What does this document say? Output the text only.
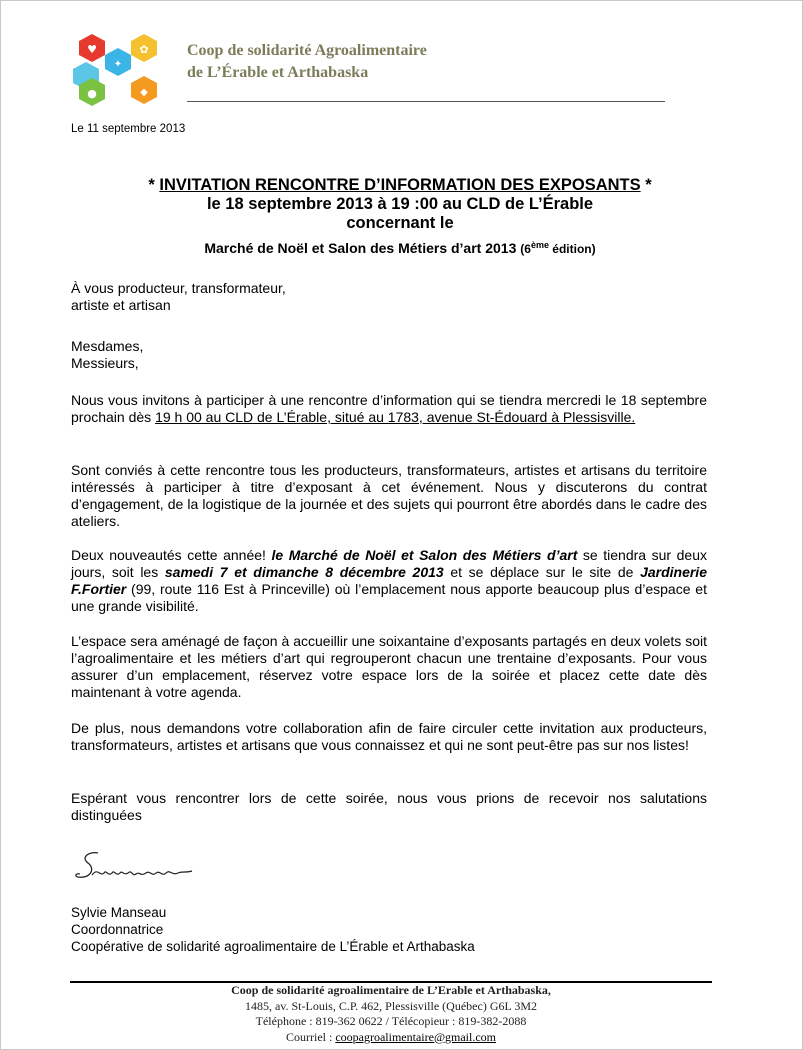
♥	✿
✦
●	◆
Coop de solidarité Agroalimentaire
de L’Érable et Arthabaska
Le 11 septembre 2013
* INVITATION RENCONTRE D’INFORMATION DES EXPOSANTS *
le 18 septembre 2013 à 19 :00 au CLD de L’Érable
concernant le
Marché de Noël et Salon des Métiers d’art 2013 (6ème édition)

À vous producteur, transformateur,

artiste et artisan

Mesdames,

Messieurs,

Nous vous invitons à participer à une rencontre d’information qui se tiendra mercredi le 18 septembre prochain dès 19 h 00 au CLD de L’Érable, situé au 1783, avenue St-Édouard à Plessisville.

Sont conviés à cette rencontre tous les producteurs, transformateurs, artistes et artisans du territoire intéressés à participer à titre d’exposant à cet événement. Nous y discuterons du contrat d’engagement, de la logistique de la journée et des sujets qui pourront être abordés dans le cadre des ateliers.

Deux nouveautés cette année! le Marché de Noël et Salon des Métiers d’art se tiendra sur deux jours, soit les samedi 7 et dimanche 8 décembre 2013 et se déplace sur le site de Jardinerie F.Fortier (99, route 116 Est à Princeville) où l’emplacement nous apporte beaucoup plus d’espace et une grande visibilité.

L’espace sera aménagé de façon à accueillir une soixantaine d’exposants partagés en deux volets soit l’agroalimentaire et les métiers d’art qui regrouperont chacun une trentaine d’exposants. Pour vous assurer d’un emplacement, réservez votre espace lors de la soirée et placez cette date dès maintenant à votre agenda.

De plus, nous demandons votre collaboration afin de faire circuler cette invitation aux producteurs, transformateurs, artistes et artisans que vous connaissez et qui ne sont peut-être pas sur nos listes!

Espérant vous rencontrer lors de cette soirée, nous vous prions de recevoir nos salutations distinguées

Sylvie Manseau

Coordonnatrice

Coopérative de solidarité agroalimentaire de L’Érable et Arthabaska

Coop de solidarité agroalimentaire de L’Erable et Arthabaska,
1485, av. St-Louis, C.P. 462, Plessisville (Québec) G6L 3M2
Téléphone : 819-362 0622 / Télécopieur : 819-382-2088
Courriel : coopagroalimentaire@gmail.com
